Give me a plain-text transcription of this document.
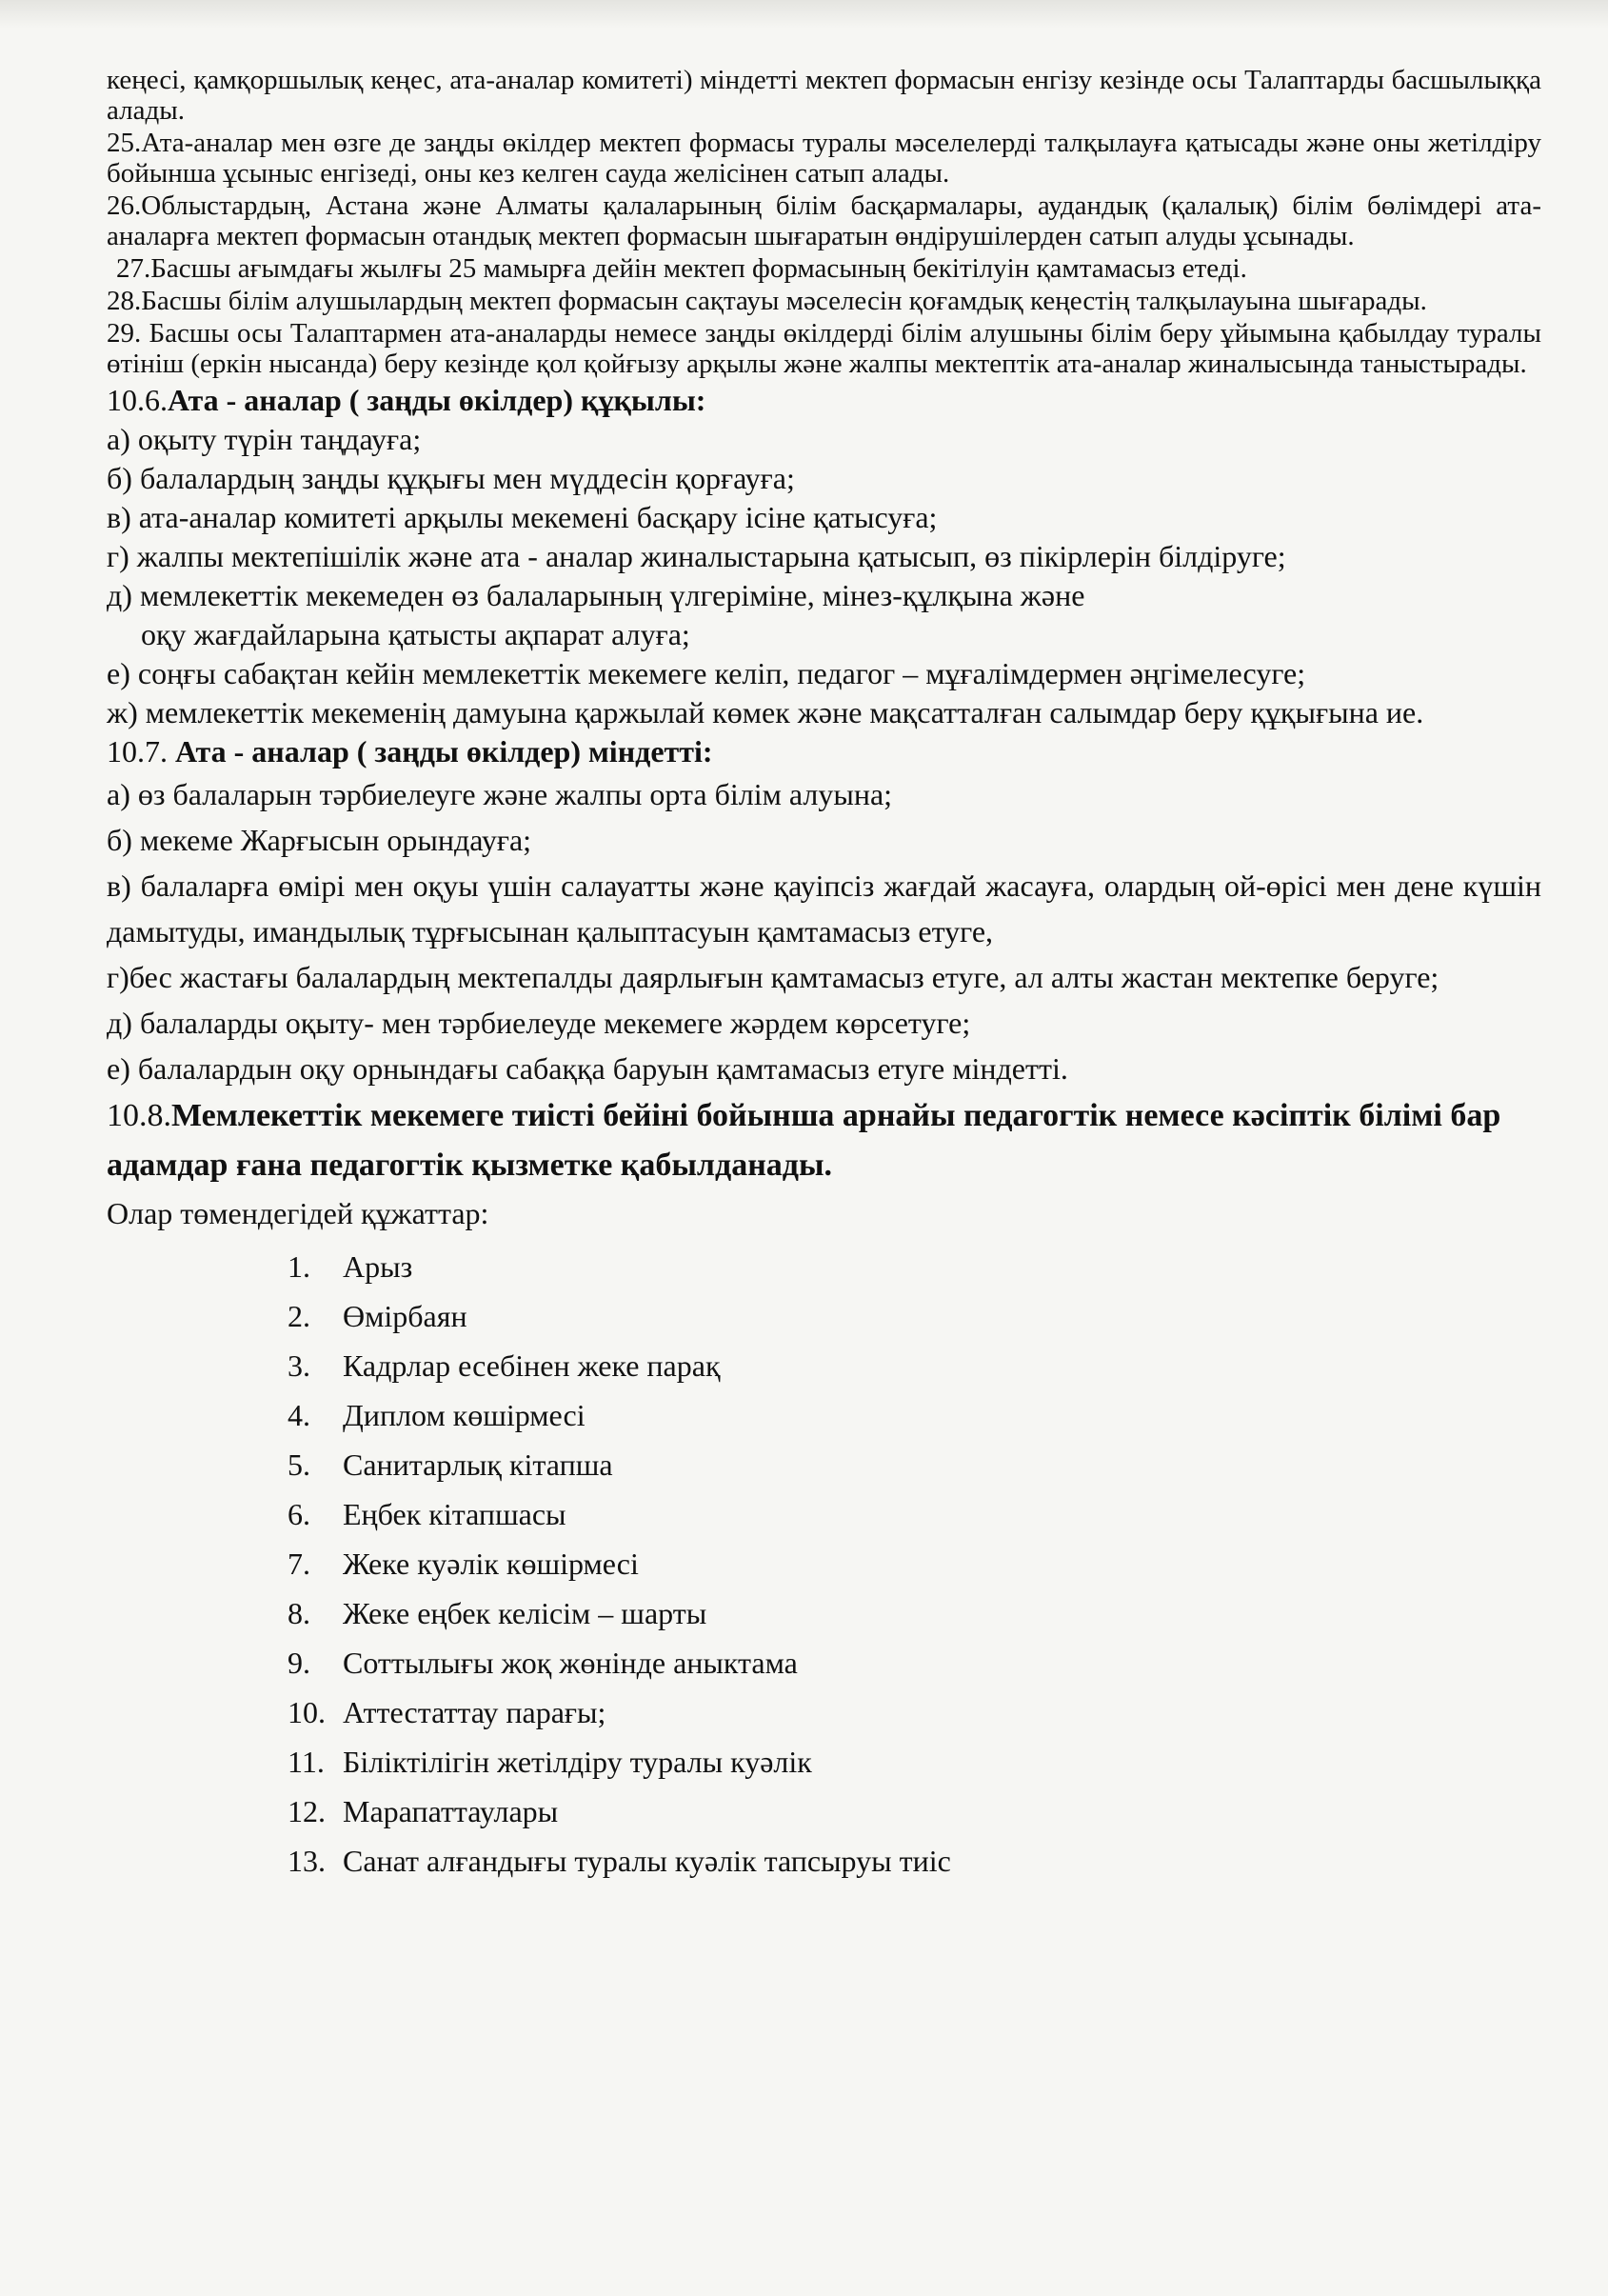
кеңесі, қамқоршылық кеңес, ата-аналар комитеті) міндетті мектеп формасын енгізу кезінде осы Талаптарды басшылыққа алады.

25.Ата-аналар мен өзге де заңды өкілдер мектеп формасы туралы мәселелерді талқылауға қатысады және оны жетілдіру бойынша ұсыныс енгізеді, оны кез келген сауда желісінен сатып алады.

26.Облыстардың, Астана және Алматы қалаларының білім басқармалары, аудандық (қалалық) білім бөлімдері ата-аналарға мектеп формасын отандық мектеп формасын шығаратын өндірушілерден сатып алуды ұсынады.

27.Басшы ағымдағы жылғы 25 мамырға дейін мектеп формасының бекітілуін қамтамасыз етеді.

28.Басшы білім алушылардың мектеп формасын сақтауы мәселесін қоғамдық кеңестің талқылауына шығарады.

29. Басшы осы Талаптармен ата-аналарды немесе заңды өкілдерді білім алушыны білім беру ұйымына қабылдау туралы өтініш (еркін нысанда) беру кезінде қол қойғызу арқылы және жалпы мектептік ата-аналар жиналысында таныстырады.

10.6.Ата - аналар ( заңды өкілдер) құқылы:

а) оқыту түрін таңдауға;

б) балалардың заңды құқығы мен мүддесін қорғауға;

в) ата-аналар комитеті арқылы мекемені басқару ісіне қатысуға;

г) жалпы мектепішілік және ата - аналар жиналыстарына қатысып, өз пікірлерін білдіруге;

д) мемлекеттік мекемеден өз балаларының үлгеріміне, мінез-құлқына және

оқу жағдайларына қатысты ақпарат алуға;

е) соңғы сабақтан кейін мемлекеттік мекемеге келіп, педагог – мұғалімдермен әңгімелесуге;

ж) мемлекеттік мекеменің дамуына қаржылай көмек және мақсатталған салымдар беру құқығына ие.

10.7. Ата - аналар ( заңды өкілдер) міндетті:

а) өз балаларын тәрбиелеуге және жалпы орта білім алуына;

б) мекеме Жарғысын орындауға;

в) балаларға өмірі мен оқуы үшін салауатты және қауіпсіз жағдай жасауға, олардың ой-өрісі мен дене күшін дамытуды, имандылық тұрғысынан қалыптасуын қамтамасыз етуге,

г)бес жастағы балалардың мектепалды даярлығын қамтамасыз етуге, ал алты жастан мектепке беруге;

д) балаларды оқыту- мен тәрбиелеуде мекемеге жәрдем көрсетуге;

е) балалардын оқу орнындағы сабаққа баруын қамтамасыз етуге міндетті.

10.8.Мемлекеттік мекемеге тиісті бейіні бойынша арнайы педагогтік немесе кәсіптік білімі бар адамдар ғана педагогтік қызметке қабылданады.

Олар төмендегідей құжаттар:

1.	Арыз
2.	Өмірбаян
3.	Кадрлар есебінен жеке парақ
4.	Диплом көшірмесі
5.	Санитарлық кітапша
6.	Еңбек кітапшасы
7.	Жеке куәлік көшірмесі
8.	Жеке еңбек келісім – шарты
9.	Соттылығы жоқ жөнінде аныктама
10. Аттестаттау парағы;
11. Біліктілігін жетілдіру туралы куәлік
12. Марапаттаулары
13. Санат алғандығы туралы куәлік тапсыруы тиіс
